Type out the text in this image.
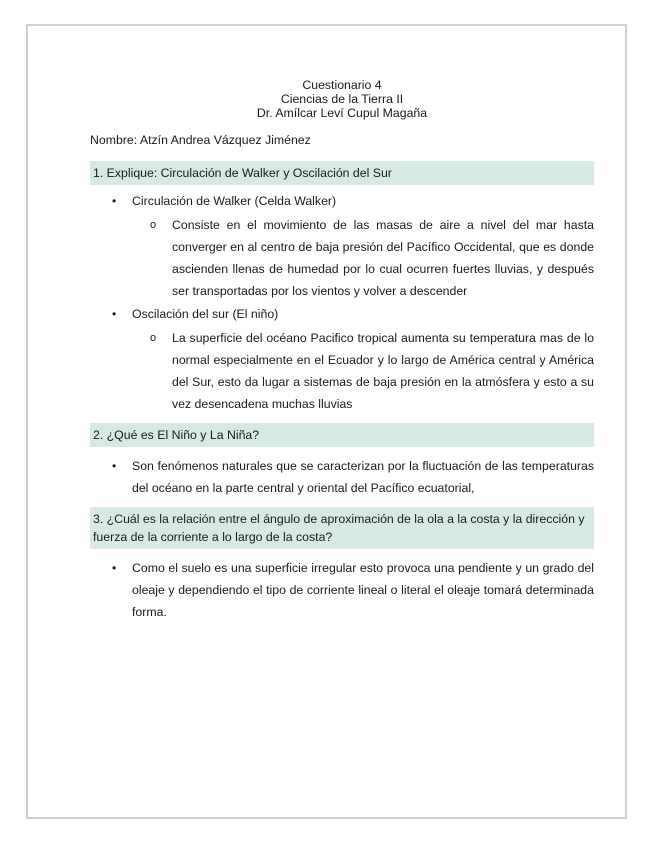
Cuestionario 4
Ciencias de la Tierra II
Dr. Amílcar Leví Cupul Magaña
Nombre: Atzín Andrea Vázquez Jiménez
1. Explique: Circulación de Walker y Oscilación del Sur
• Circulación de Walker (Celda Walker)
o Consiste en el movimiento de las masas de aire a nivel del mar hasta converger en al centro de baja presión del Pacífico Occidental, que es donde ascienden llenas de humedad por lo cual ocurren fuertes lluvias, y después ser transportadas por los vientos y volver a descender
• Oscilación del sur (El niño)
o La superficie del océano Pacifico tropical aumenta su temperatura mas de lo normal especialmente en el Ecuador y lo largo de América central y América del Sur, esto da lugar a sistemas de baja presión en la atmósfera y esto a su vez desencadena muchas lluvias
2. ¿Qué es El Niño y La Niña?
• Son fenómenos naturales que se caracterizan por la fluctuación de las temperaturas del océano en la parte central y oriental del Pacífico ecuatorial,
3. ¿Cuál es la relación entre el ángulo de aproximación de la ola a la costa y la dirección y fuerza de la corriente a lo largo de la costa?
• Como el suelo es una superficie irregular esto provoca una pendiente y un grado del oleaje y dependiendo el tipo de corriente lineal o literal el oleaje tomará determinada forma.
